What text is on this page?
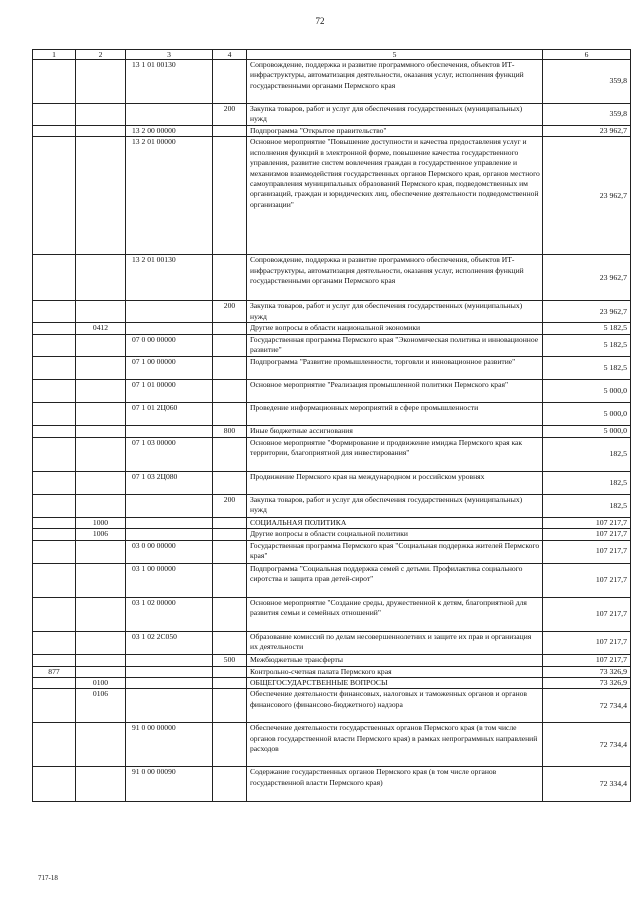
72
1	2	3	4	5	6
		13 1 01 00130		Сопровождение, поддержка и развитие программного обеспечения, объектов ИТ-инфраструктуры, автоматизация деятельности, оказания услуг, исполнения функций государственными органами Пермского края	359,8
			200	Закупка товаров, работ и услуг для обеспечения государственных (муниципальных) нужд	359,8
		13 2 00 00000		Подпрограмма "Открытое правительство"	23 962,7
		13 2 01 00000		Основное мероприятие "Повышение доступности и качества предоставления услуг и исполнения функций в электронной форме, повышение качества государственного управления, развитие систем вовлечения граждан в государственное управление и механизмов взаимодействия государственных органов Пермского края, органов местного самоуправления муниципальных образований Пермского края, подведомственных им организаций, граждан и юридических лиц, обеспечение деятельности подведомственной организации"	23 962,7
		13 2 01 00130		Сопровождение, поддержка и развитие программного обеспечения, объектов ИТ-инфраструктуры, автоматизация деятельности, оказания услуг, исполнения функций государственными органами Пермского края	23 962,7
			200	Закупка товаров, работ и услуг для обеспечения государственных (муниципальных) нужд	23 962,7
	0412			Другие вопросы в области национальной экономики	5 182,5
		07 0 00 00000		Государственная программа Пермского края "Экономическая политика и инновационное развитие"	5 182,5
		07 1 00 00000		Подпрограмма "Развитие промышленности, торговли и инновационное развитие"	5 182,5
		07 1 01 00000		Основное мероприятие "Реализация промышленной политики Пермского края"	5 000,0
		07 1 01 2Ц060		Проведение информационных мероприятий в сфере промышленности	5 000,0
			800	Иные бюджетные ассигнования	5 000,0
		07 1 03 00000		Основное мероприятие "Формирование и продвижение имиджа Пермского края как территории, благоприятной для инвестирования"	182,5
		07 1 03 2Ц080		Продвижение Пермского края на международном и российском уровнях	182,5
			200	Закупка товаров, работ и услуг для обеспечения государственных (муниципальных) нужд	182,5
	1000			СОЦИАЛЬНАЯ ПОЛИТИКА	107 217,7
	1006			Другие вопросы в области социальной политики	107 217,7
		03 0 00 00000		Государственная программа Пермского края "Социальная поддержка жителей Пермского края"	107 217,7
		03 1 00 00000		Подпрограмма "Социальная поддержка семей с детьми. Профилактика социального сиротства и защита прав детей-сирот"	107 217,7
		03 1 02 00000		Основное мероприятие "Создание среды, дружественной к детям, благоприятной для развития семьи и семейных отношений"	107 217,7
		03 1 02 2С050		Образование комиссий по делам несовершеннолетних и защите их прав и организация их деятельности	107 217,7
			500	Межбюджетные трансферты	107 217,7
877				Контрольно-счетная палата Пермского края	73 326,9
	0100			ОБЩЕГОСУДАРСТВЕННЫЕ ВОПРОСЫ	73 326,9
	0106			Обеспечение деятельности финансовых, налоговых и таможенных органов и органов финансового (финансово-бюджетного) надзора	72 734,4
		91 0 00 00000		Обеспечение деятельности государственных органов Пермского края (в том числе органов государственной власти Пермского края) в рамках непрограммных направлений расходов	72 734,4
		91 0 00 00090		Содержание государственных органов Пермского края (в том числе органов государственной власти Пермского края)	72 334,4
717-18
